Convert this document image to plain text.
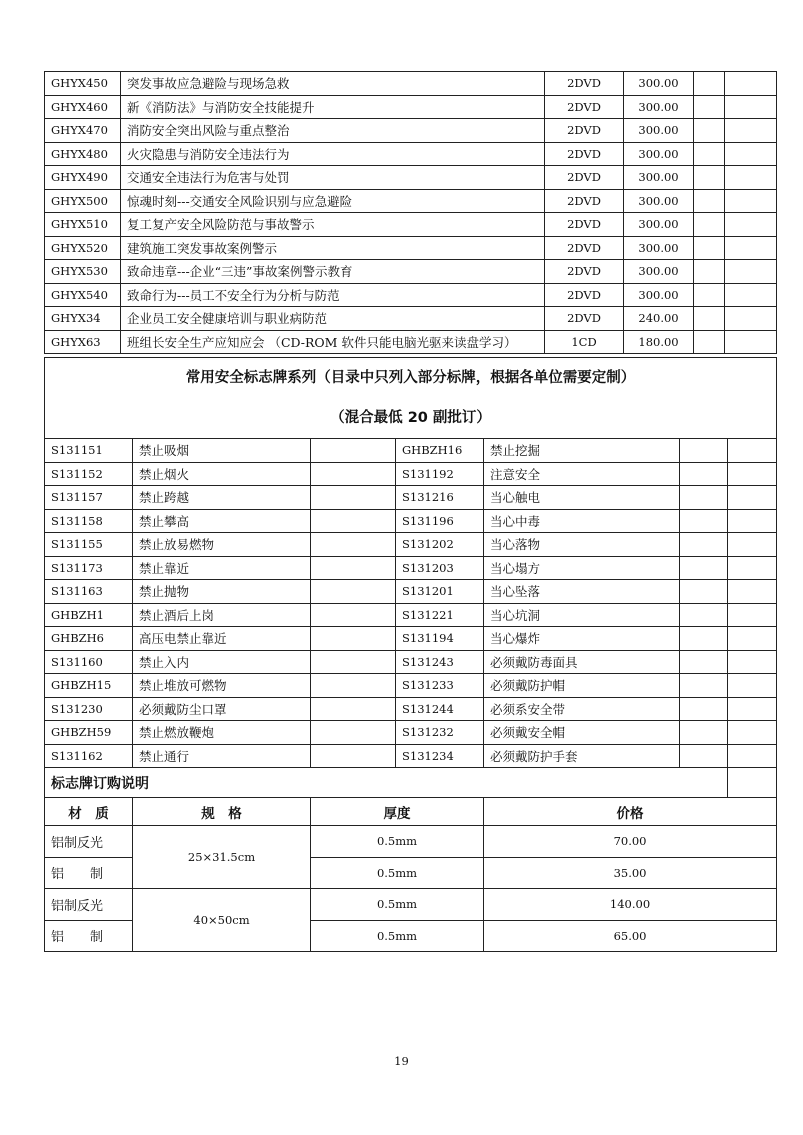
GHYX450	突发事故应急避险与现场急救	2DVD	300.00		
GHYX460	新《消防法》与消防安全技能提升	2DVD	300.00		
GHYX470	消防安全突出风险与重点整治	2DVD	300.00		
GHYX480	火灾隐患与消防安全违法行为	2DVD	300.00		
GHYX490	交通安全违法行为危害与处罚	2DVD	300.00		
GHYX500	惊魂时刻---交通安全风险识别与应急避险	2DVD	300.00		
GHYX510	复工复产安全风险防范与事故警示	2DVD	300.00		
GHYX520	建筑施工突发事故案例警示	2DVD	300.00		
GHYX530	致命违章---企业“三违”事故案例警示教育	2DVD	300.00		
GHYX540	致命行为---员工不安全行为分析与防范	2DVD	300.00		
GHYX34	企业员工安全健康培训与职业病防范	2DVD	240.00		
GHYX63	班组长安全生产应知应会 （CD-ROM 软件只能电脑光驱来读盘学习）	1CD	180.00		
常用安全标志牌系列（目录中只列入部分标牌，根据各单位需要定制）
（混合最低 20 副批订）						

S131151	禁止吸烟		GHBZH16	禁止挖掘		
S131152	禁止烟火		S131192	注意安全		
S131157	禁止跨越		S131216	当心触电		
S131158	禁止攀高		S131196	当心中毒		
S131155	禁止放易燃物		S131202	当心落物		
S131173	禁止靠近		S131203	当心塌方		
S131163	禁止抛物		S131201	当心坠落		
GHBZH1	禁止酒后上岗		S131221	当心坑洞		
GHBZH6	高压电禁止靠近		S131194	当心爆炸		
S131160	禁止入内		S131243	必须戴防毒面具		
GHBZH15	禁止堆放可燃物		S131233	必须戴防护帽		
S131230	必须戴防尘口罩		S131244	必须系安全带		
GHBZH59	禁止燃放鞭炮		S131232	必须戴安全帽		
S131162	禁止通行		S131234	必须戴防护手套		
标志牌订购说明						
材　质	规　格	厚度		价格		
铝制反光	25×31.5cm	0.5mm		70.00		
铝　　制		0.5mm		35.00		
铝制反光	40×50cm	0.5mm		140.00		
铝　　制		0.5mm		65.00		
19
